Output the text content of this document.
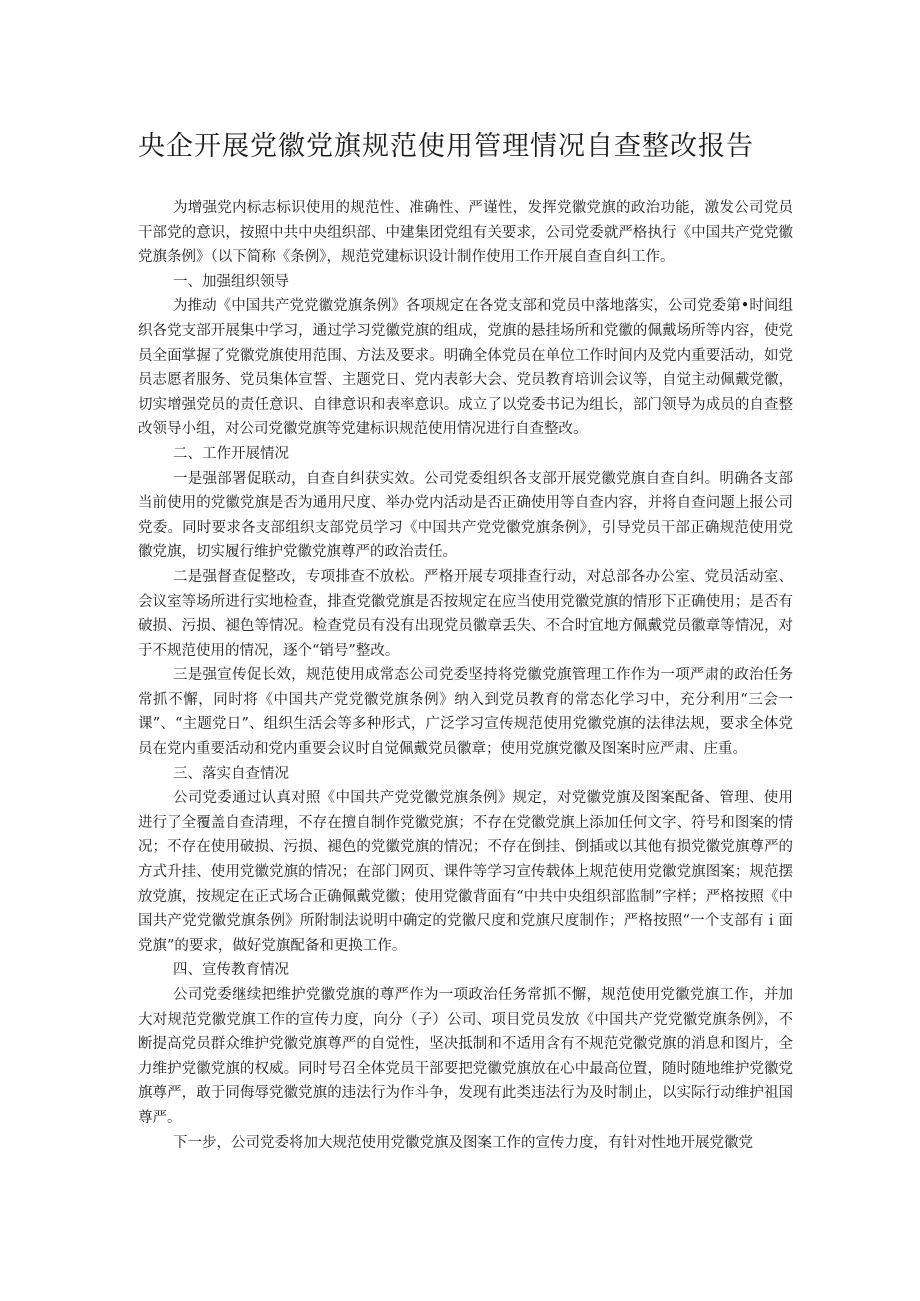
央企开展党徽党旗规范使用管理情况自查整改报告

为增强党内标志标识使用的规范性、准确性、严谨性，发挥党徽党旗的政治功能，激发公司党员干部党的意识，按照中共中央组织部、中建集团党组有关要求，公司党委就严格执行《中国共产党党徽党旗条例》（以下简称《条例》，规范党建标识设计制作使用工作开展自查自纠工作。

一、加强组织领导

为推动《中国共产党党徽党旗条例》各项规定在各党支部和党员中落地落实，公司党委第•时间组织各党支部开展集中学习，通过学习党徽党旗的组成，党旗的悬挂场所和党徽的佩戴场所等内容，使党员全面掌握了党徽党旗使用范围、方法及要求。明确全体党员在单位工作时间内及党内重要活动，如党员志愿者服务、党员集体宣誓、主题党日、党内表彰大会、党员教育培训会议等，自觉主动佩戴党徽，切实增强党员的责任意识、自律意识和表率意识。成立了以党委书记为组长，部门领导为成员的自查整改领导小组，对公司党徽党旗等党建标识规范使用情况进行自查整改。

二、工作开展情况

一是强部署促联动，自查自纠获实效。公司党委组织各支部开展党徽党旗自查自纠。明确各支部当前使用的党徽党旗是否为通用尺度、举办党内活动是否正确使用等自查内容，并将自查问题上报公司党委。同时要求各支部组织支部党员学习《中国共产党党徽党旗条例》，引导党员干部正确规范使用党徽党旗，切实履行维护党徽党旗尊严的政治责任。

二是强督查促整改，专项排查不放松。严格开展专项排查行动，对总部各办公室、党员活动室、会议室等场所进行实地检查，排查党徽党旗是否按规定在应当使用党徽党旗的情形下正确使用；是否有破损、污损、褪色等情况。检查党员有没有出现党员徽章丢失、不合时宜地方佩戴党员徽章等情况，对于不规范使用的情况，逐个“销号”整改。

三是强宣传促长效，规范使用成常态公司党委坚持将党徽党旗管理工作作为一项严肃的政治任务常抓不懈，同时将《中国共产党党徽党旗条例》纳入到党员教育的常态化学习中，充分利用“三会一课”、“主题党日”、组织生活会等多种形式，广泛学习宣传规范使用党徽党旗的法律法规，要求全体党员在党内重要活动和党内重要会议时自觉佩戴党员徽章；使用党旗党徽及图案时应严肃、庄重。

三、落实自查情况

公司党委通过认真对照《中国共产党党徽党旗条例》规定，对党徽党旗及图案配备、管理、使用进行了全覆盖自查清理，不存在擅自制作党徽党旗；不存在党徽党旗上添加任何文字、符号和图案的情况；不存在使用破损、污损、褪色的党徽党旗的情况；不存在倒挂、倒插或以其他有损党徽党旗尊严的方式升挂、使用党徽党旗的情况；在部门网页、课件等学习宣传载体上规范使用党徽党旗图案；规范摆放党旗，按规定在正式场合正确佩戴党徽；使用党徽背面有“中共中央组织部监制”字样；严格按照《中国共产党党徽党旗条例》所附制法说明中确定的党徽尺度和党旗尺度制作；严格按照“一个支部有ｉ面党旗”的要求，做好党旗配备和更换工作。

四、宣传教育情况

公司党委继续把维护党徽党旗的尊严作为一项政治任务常抓不懈，规范使用党徽党旗工作，并加大对规范党徽党旗工作的宣传力度，向分（子）公司、项目党员发放《中国共产党党徽党旗条例》，不断提高党员群众维护党徽党旗尊严的自觉性，坚决抵制和不适用含有不规范党徽党旗的消息和图片，全力维护党徽党旗的权威。同时号召全体党员干部要把党徽党旗放在心中最高位置，随时随地维护党徽党旗尊严，敢于同侮辱党徽党旗的违法行为作斗争，发现有此类违法行为及时制止，以实际行动维护祖国尊严。

下一步，公司党委将加大规范使用党徽党旗及图案工作的宣传力度，有针对性地开展党徽党
